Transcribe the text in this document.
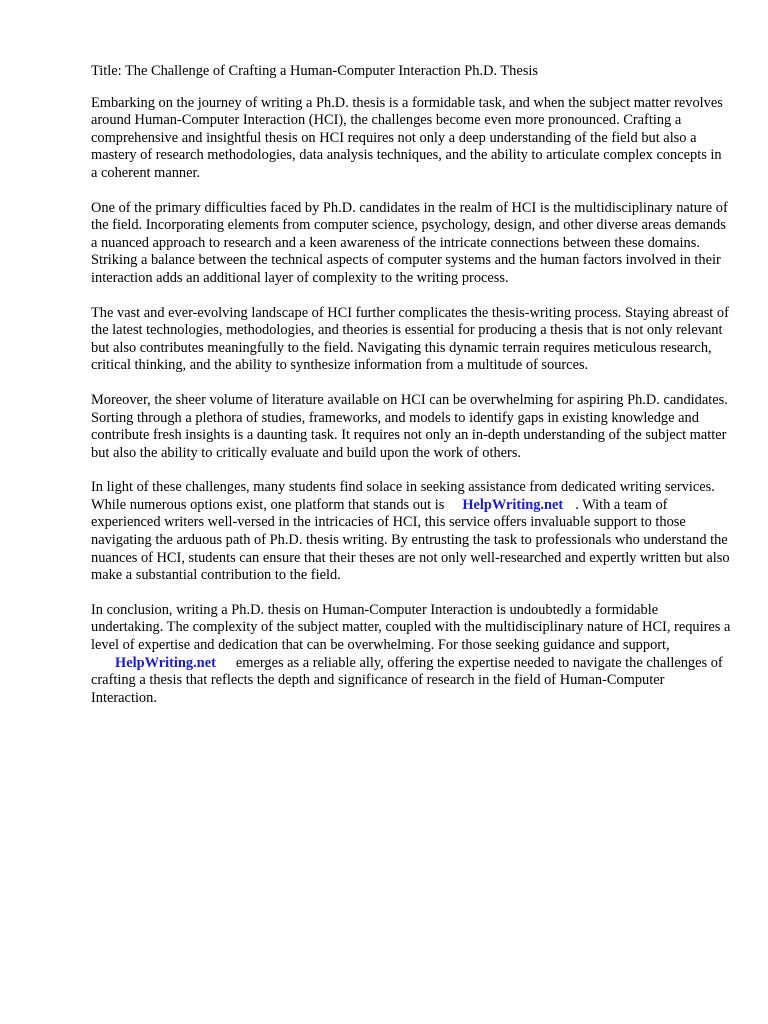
Title: The Challenge of Crafting a Human-Computer Interaction Ph.D. Thesis

Embarking on the journey of writing a Ph.D. thesis is a formidable task, and when the subject matter revolves around Human-Computer Interaction (HCI), the challenges become even more pronounced. Crafting a comprehensive and insightful thesis on HCI requires not only a deep understanding of the field but also a mastery of research methodologies, data analysis techniques, and the ability to articulate complex concepts in a coherent manner.

One of the primary difficulties faced by Ph.D. candidates in the realm of HCI is the multidisciplinary nature of the field. Incorporating elements from computer science, psychology, design, and other diverse areas demands a nuanced approach to research and a keen awareness of the intricate connections between these domains. Striking a balance between the technical aspects of computer systems and the human factors involved in their interaction adds an additional layer of complexity to the writing process.

The vast and ever-evolving landscape of HCI further complicates the thesis-writing process. Staying abreast of the latest technologies, methodologies, and theories is essential for producing a thesis that is not only relevant but also contributes meaningfully to the field. Navigating this dynamic terrain requires meticulous research, critical thinking, and the ability to synthesize information from a multitude of sources.

Moreover, the sheer volume of literature available on HCI can be overwhelming for aspiring Ph.D. candidates. Sorting through a plethora of studies, frameworks, and models to identify gaps in existing knowledge and contribute fresh insights is a daunting task. It requires not only an in-depth understanding of the subject matter but also the ability to critically evaluate and build upon the work of others.

In light of these challenges, many students find solace in seeking assistance from dedicated writing services. While numerous options exist, one platform that stands out is HelpWriting.net . With a team of experienced writers well-versed in the intricacies of HCI, this service offers invaluable support to those navigating the arduous path of Ph.D. thesis writing. By entrusting the task to professionals who understand the nuances of HCI, students can ensure that their theses are not only well-researched and expertly written but also make a substantial contribution to the field.

In conclusion, writing a Ph.D. thesis on Human-Computer Interaction is undoubtedly a formidable undertaking. The complexity of the subject matter, coupled with the multidisciplinary nature of HCI, requires a level of expertise and dedication that can be overwhelming. For those seeking guidance and support,HelpWriting.net emerges as a reliable ally, offering the expertise needed to navigate the challenges of crafting a thesis that reflects the depth and significance of research in the field of Human-Computer Interaction.
